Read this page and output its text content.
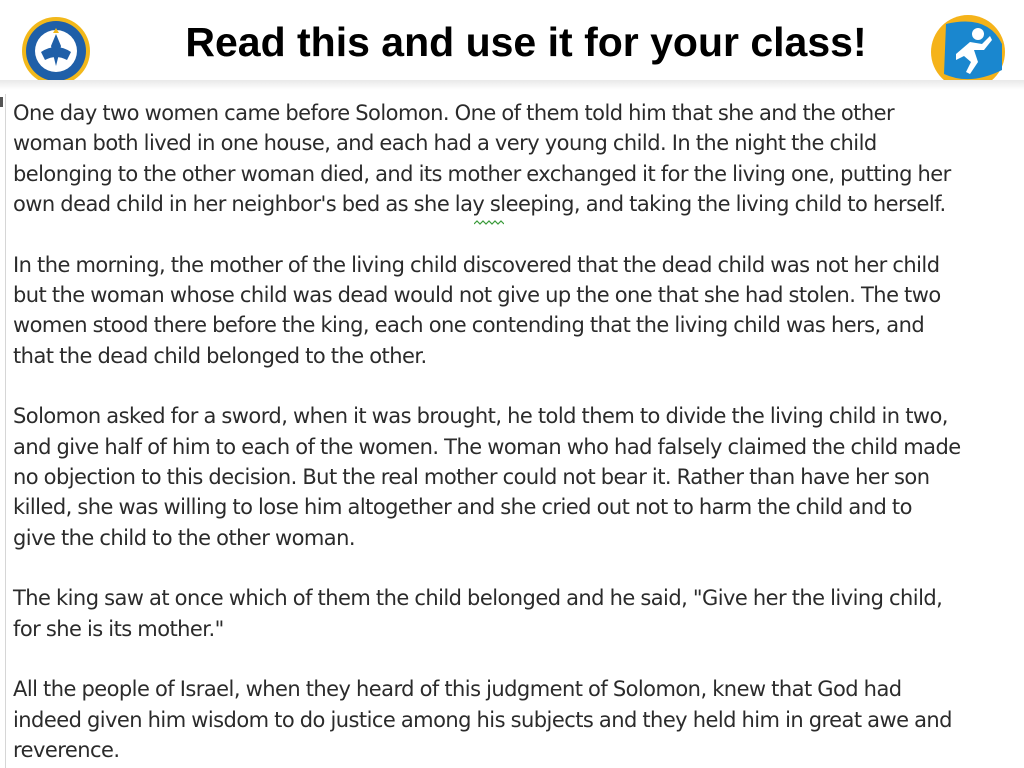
Read this and use it for your class!

One day two women came before Solomon. One of them told him that she and the other
woman both lived in one house, and each had a very young child. In the night the child
belonging to the other woman died, and its mother exchanged it for the living one, putting her
own dead child in her neighbor's bed as she lay sleeping, and taking the living child to herself.

In the morning, the mother of the living child discovered that the dead child was not her child
but the woman whose child was dead would not give up the one that she had stolen. The two
women stood there before the king, each one contending that the living child was hers, and
that the dead child belonged to the other.

Solomon asked for a sword, when it was brought, he told them to divide the living child in two,
and give half of him to each of the women. The woman who had falsely claimed the child made
no objection to this decision. But the real mother could not bear it. Rather than have her son
killed, she was willing to lose him altogether and she cried out not to harm the child and to
give the child to the other woman.

The king saw at once which of them the child belonged and he said, "Give her the living child,
for she is its mother."

All the people of Israel, when they heard of this judgment of Solomon, knew that God had
indeed given him wisdom to do justice among his subjects and they held him in great awe and
reverence.
